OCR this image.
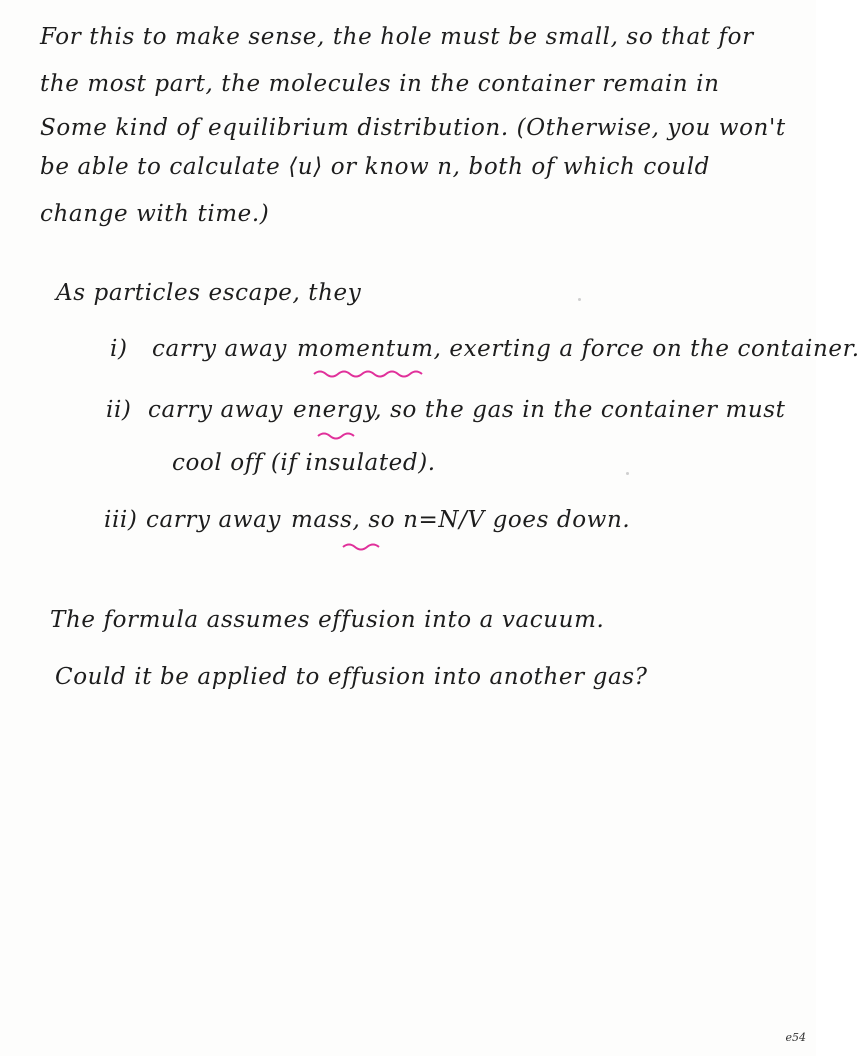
For this to make sense, the hole must be small, so that for
the most part, the molecules in the container remain in
Some kind of equilibrium distribution. (Otherwise, you won't
be able to calculate ⟨u⟩ or know n, both of which could
change with time.)
As particles escape, they
i) carry away momentum, exerting a force on the container.
ii) carry away energy, so the gas in the container must
cool off (if insulated).
iii) carry away mass, so n=N/V goes down.
The formula assumes effusion into a vacuum.
Could it be applied to effusion into another gas?
e54
